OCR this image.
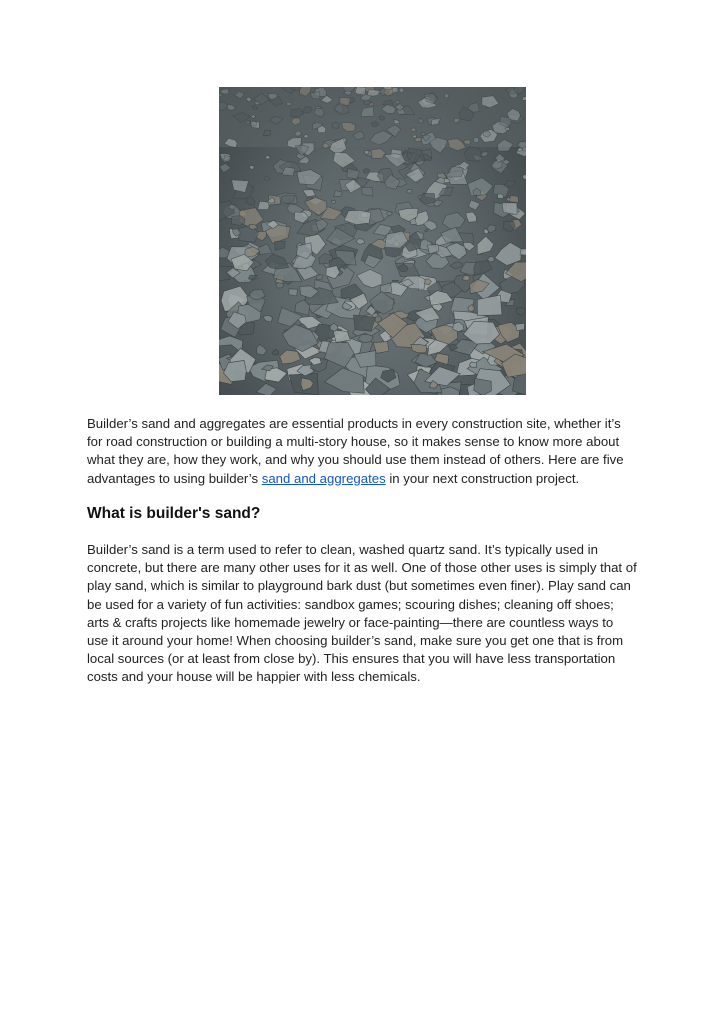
Builder’s sand and aggregates are essential products in every construction site, whether it’s for road construction or building a multi-story house, so it makes sense to know more about what they are, how they work, and why you should use them instead of others. Here are five advantages to using builder’s sand and aggregates in your next construction project.

What is builder's sand?

Builder’s sand is a term used to refer to clean, washed quartz sand. It’s typically used in concrete, but there are many other uses for it as well. One of those other uses is simply that of play sand, which is similar to playground bark dust (but sometimes even finer). Play sand can be used for a variety of fun activities: sandbox games; scouring dishes; cleaning off shoes; arts & crafts projects like homemade jewelry or face-painting—there are countless ways to use it around your home! When choosing builder’s sand, make sure you get one that is from local sources (or at least from close by). This ensures that you will have less transportation costs and your house will be happier with less chemicals.
